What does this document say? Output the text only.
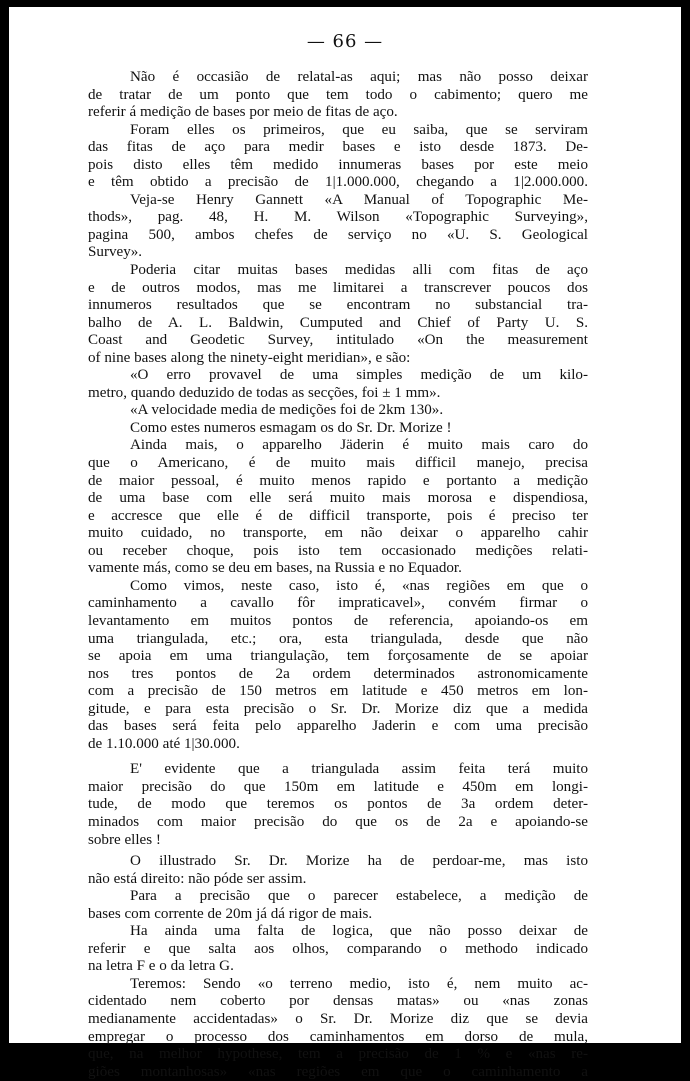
— 66 —
Não é occasião de relatal-as aqui; mas não posso deixar
de tratar de um ponto que tem todo o cabimento; quero me
referir á medição de bases por meio de fitas de aço.
Foram elles os primeiros, que eu saiba, que se serviram
das fitas de aço para medir bases e isto desde 1873. De-
pois disto elles têm medido innumeras bases por este meio
e têm obtido a precisão de 1|1.000.000, chegando a 1|2.000.000.
Veja-se Henry Gannett «A Manual of Topographic Me-
thods», pag. 48, H. M. Wilson «Topographic Surveying»,
pagina 500, ambos chefes de serviço no «U. S. Geological
Survey».
Poderia citar muitas bases medidas alli com fitas de aço
e de outros modos, mas me limitarei a transcrever poucos dos
innumeros resultados que se encontram no substancial tra-
balho de A. L. Baldwin, Cumputed and Chief of Party U. S.
Coast and Geodetic Survey, intitulado «On the measurement
of nine bases along the ninety-eight meridian», e são:
«O erro provavel de uma simples medição de um kilo-
metro, quando deduzido de todas as secções, foi ± 1 mm».
«A velocidade media de medições foi de 2km 130».
Como estes numeros esmagam os do Sr. Dr. Morize !
Ainda mais, o apparelho Jäderin é muito mais caro do
que o Americano, é de muito mais difficil manejo, precisa
de maior pessoal, é muito menos rapido e portanto a medição
de uma base com elle será muito mais morosa e dispendiosa,
e accresce que elle é de difficil transporte, pois é preciso ter
muito cuidado, no transporte, em não deixar o apparelho cahir
ou receber choque, pois isto tem occasionado medições relati-
vamente más, como se deu em bases, na Russia e no Equador.
Como vimos, neste caso, isto é, «nas regiões em que o
caminhamento a cavallo fôr impraticavel», convém firmar o
levantamento em muitos pontos de referencia, apoiando-os em
uma triangulada, etc.; ora, esta triangulada, desde que não
se apoia em uma triangulação, tem forçosamente de se apoiar
nos tres pontos de 2a ordem determinados astronomicamente
com a precisão de 150 metros em latitude e 450 metros em lon-
gitude, e para esta precisão o Sr. Dr. Morize diz que a medida
das bases será feita pelo apparelho Jaderin e com uma precisão
de 1.10.000 até 1|30.000.
E' evidente que a triangulada assim feita terá muito
maior precisão do que 150m em latitude e 450m em longi-
tude, de modo que teremos os pontos de 3a ordem deter-
minados com maior precisão do que os de 2a e apoiando-se
sobre elles !
O illustrado Sr. Dr. Morize ha de perdoar-me, mas isto
não está direito: não póde ser assim.
Para a precisão que o parecer estabelece, a medição de
bases com corrente de 20m já dá rigor de mais.
Ha ainda uma falta de logica, que não posso deixar de
referir e que salta aos olhos, comparando o methodo indicado
na letra F e o da letra G.
Teremos: Sendo «o terreno medio, isto é, nem muito ac-
cidentado nem coberto por densas matas» ou «nas zonas
medianamente accidentadas» o Sr. Dr. Morize diz que se devia
empregar o processo dos caminhamentos em dorso de mula,
que, na melhor hypothese, tem a precisão de 1 % e «nas re-
giões montanhosas» «nas regiões em que o caminhamento a
